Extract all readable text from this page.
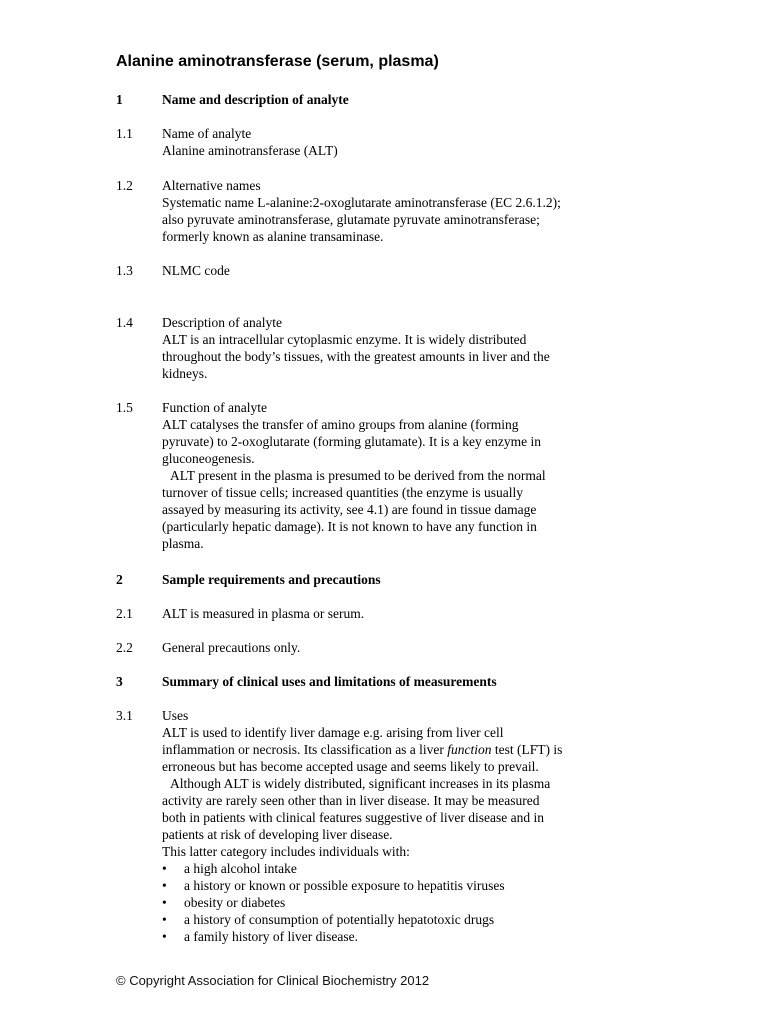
Alanine aminotransferase (serum, plasma)
1	Name and description of analyte
1.1 Name of analyte
Alanine aminotransferase (ALT)
1.2 Alternative names
Systematic name L-alanine:2-oxoglutarate aminotransferase (EC 2.6.1.2);
also pyruvate aminotransferase, glutamate pyruvate aminotransferase;
formerly known as alanine transaminase.
1.3 NLMC code
1.4 Description of analyte
ALT is an intracellular cytoplasmic enzyme. It is widely distributed
throughout the body’s tissues, with the greatest amounts in liver and the
kidneys.
1.5 Function of analyte
ALT catalyses the transfer of amino groups from alanine (forming
pyruvate) to 2-oxoglutarate (forming glutamate). It is a key enzyme in
gluconeogenesis.
ALT present in the plasma is presumed to be derived from the normal
turnover of tissue cells; increased quantities (the enzyme is usually
assayed by measuring its activity, see 4.1) are found in tissue damage
(particularly hepatic damage). It is not known to have any function in
plasma.
2	Sample requirements and precautions
2.1 ALT is measured in plasma or serum.
2.2 General precautions only.
3	Summary of clinical uses and limitations of measurements
3.1 Uses
ALT is used to identify liver damage e.g. arising from liver cell
inflammation or necrosis. Its classification as a liver function test (LFT) is
erroneous but has become accepted usage and seems likely to prevail.
Although ALT is widely distributed, significant increases in its plasma
activity are rarely seen other than in liver disease. It may be measured
both in patients with clinical features suggestive of liver disease and in
patients at risk of developing liver disease.
This latter category includes individuals with:
• a high alcohol intake
• a history or known or possible exposure to hepatitis viruses
• obesity or diabetes
• a history of consumption of potentially hepatotoxic drugs
• a family history of liver disease.
© Copyright Association for Clinical Biochemistry 2012
